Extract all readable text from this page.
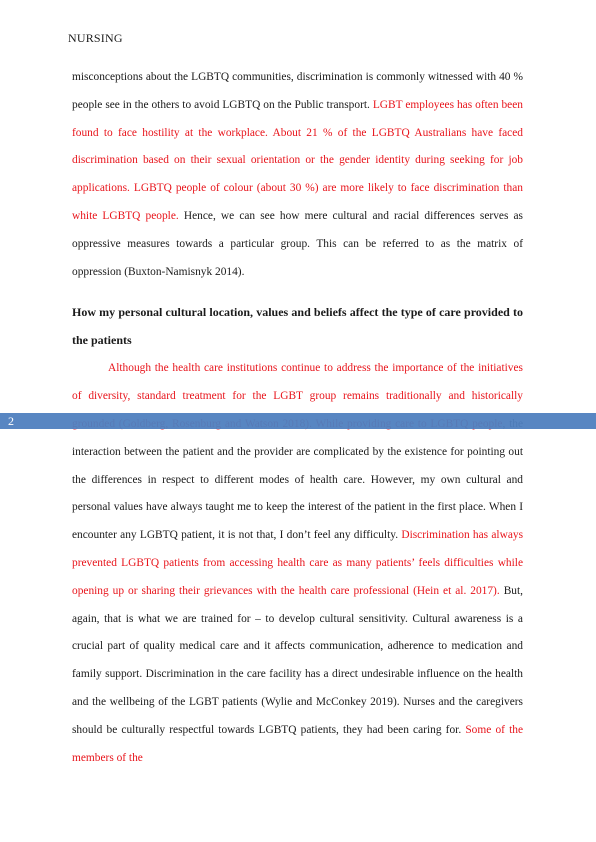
NURSING

misconceptions about the LGBTQ communities, discrimination is commonly witnessed with 40 % people see in the others to avoid LGBTQ on the Public transport. LGBT employees has often been found to face hostility at the workplace. About 21 % of the LGBTQ Australians have faced discrimination based on their sexual orientation or the gender identity during seeking for job applications. LGBTQ people of colour (about 30 %) are more likely to face discrimination than white LGBTQ people. Hence, we can see how mere cultural and racial differences serves as oppressive measures towards a particular group. This can be referred to as the matrix of oppression (Buxton-Namisnyk 2014).

How my personal cultural location, values and beliefs affect the type of care provided to the patients

Although the health care institutions continue to address the importance of the initiatives of diversity, standard treatment for the LGBT group remains traditionally and historically interaction between the patient and the provider are complicated by the existence for pointing out the differences in respect to different modes of health care. However, my own cultural and personal values have always taught me to keep the interest of the patient in the first place. When I encounter any LGBTQ patient, it is not that, I don’t feel any difficulty. Discrimination has always prevented LGBTQ patients from accessing health care as many patients’ feels difficulties while opening up or sharing their grievances with the health care professional (Hein et al. 2017). But, again, that is what we are trained for – to develop cultural sensitivity. Cultural awareness is a crucial part of quality medical care and it affects communication, adherence to medication and family support. Discrimination in the care facility has a direct undesirable influence on the health and the wellbeing of the LGBT patients (Wylie and McConkey 2019). Nurses and the caregivers should be culturally respectful towards LGBTQ patients, they had been caring for. Some of the members of the

2
